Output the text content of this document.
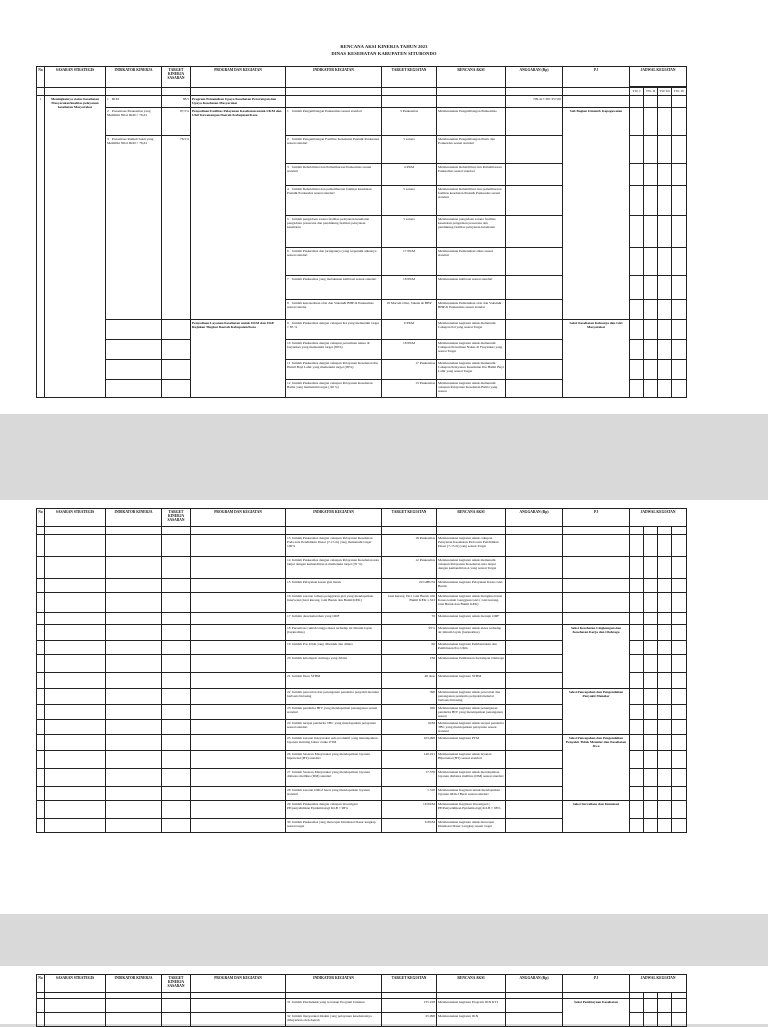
RENCANA AKSI KINERJA TAHUN 2023
DINAS KESEHATAN KABUPATEN SITUBONDO
No	SASARAN STRATEGIS	INDIKATOR KINERJA	TARGET KINERJA SASARAN	PROGRAM DAN KEGIATAN	INDIKATOR KEGIATAN	TARGET KEGIATAN	RENCANA AKSI	ANGGARAN (Rp)	PJ	JADWAL KEGIATAN			

										TW. I	TW. II	TW. III	TW. IV
1	Meningkatnya status Kesehatan Masyarakat/kualitas pelayanan kesehatan Masyarakat	1 IKM	88,5	Program Pemenuhan Upaya Kesehatan Perorangan dan Upaya Kesehatan Masyarakat				709.417.397.357,00					
		2 Presentase Puskesmas yang Memiliki Nilai IKM > 76,61	87,5%	Penyediaan Fasilitas Pelayanan Kesehatan untuk UKM dan UKP Kewenangan Daerah Kabupaten/Kota	1 Jumlah Pengembangan Puskesmas sesuai standart	3 Puskesmas	Melaksanakan Pengembangan Puskesmas		Sub Bagian Umum& Kepegawaian				
		3 Presentase Rumah Sakit yang Memiliki Nilai IKM > 76,61	78,5%		2 Jumlah Pengembangan Fasilitas Kesehatan Pustu& Ponkesdes sesuai standart	5 sarana	Melaksanakan Pengembangan Pustu dan Ponkesdes sesuai standart						
					3 Jumlah Rehabilitasi dan Pemeliharaan Puskesmas sesuai standart	4 PKM	Melaksanakan Rehabilitasi dan Pemeliharaan Puskesmas sesuai standart						
					4 Jumlah Rehabilitasi dan pemeliharaan fasilitas kesehatan Pustu& Ponkesdes sesuai standart	5 sarana	Melaksanakan Rehabilitasi dan pemeliharaan fasilitas kesehatan Pustu& Ponkesdes sesuai standart						
					5 Jumlah pengadaan sarana fasilitas pelayanan kesehatan pengadaan prasarana dan pendukung fasilitas pelayanan kesehatan	5 sarana	Melaksanakan pengadaan sarana fasilitas kesehatan pengadaan prasarana dan pendukung fasilitas pelayanan kesehatan						
					6 Jumlah Puskesmas dan jaringannya yang terpenuhi alkesnya sesuai standart	17 PKM	Melaksanakan Pemenuhan alkes sesuai standart						
					7 Jumlah Puskesmas yang melakukan kalibrasi sesuai standart	18 PKM	Melaksanakan kalibrasi sesuai standart						
					8 Jumlah ketersediaan obat dan Vaksin& BHP di Puskesmas sesuai standar	18 Macam Obat, Vaksin & BHP	Melaksanakan Pemenuhan obat dan Vaksin& BHP di Puskesmas sesuai standar						
				Penyediaan Layanan Kesehatan untuk UKM dan UKP Rujukan Tingkat Daerah Kabupaten/Kota	9 Jumlah Puskesmas dengan cakupan K4 yang memenuhi target > 85 %	9 PKM	Melaksanakan kegiatan untuk memenuhi Cakupan K4 yang sesuai Target		Seksi Kesehatan Keluarga dan Gizi Masyarakat				
					10 Jumlah Puskesmas dengan cakupan persalinan nakes di fasyankes yang memenuhi target (80%)	18 PKM	Melaksanakan kegiatan untuk memenuhi Cakupan Persalinan Nakes di Fasyankes yang sesuai Target						
					11 Jumlah Puskesmas dengan cakupan Pelayanan Kesehatan Ibu Hamil Bayi Lahir yang memenuhi target (90%)	17 Puskesmas	Melaksanakan kegiatan untuk memenuhi Cakupan Pelayanan Kesehatan Ibu Hamil Bayi Lahir yang sesuai Target						
					12 Jumlah Puskesmas dengan cakupan Pelayanan Kesehatan Balita yang memenuhi target ( 90 %)	13 Puskesmas	Melaksanakan kegiatan untuk memenuhi cakupan Pelayanan Kesehatan Balita yang sesuai						
No	SASARAN STRATEGIS	INDIKATOR KINERJA	TARGET KINERJA SASARAN	PROGRAM DAN KEGIATAN	INDIKATOR KEGIATAN	TARGET KEGIATAN	RENCANA AKSI	ANGGARAN (Rp)	PJ	JADWAL KEGIATAN			

					13 Jumlah Puskesmas dengan cakupan Pelayanan Kesehatan Pada usia Pendidikan Dasar (7-15 th) yang memenuhi target 100%	18 Puskesmas	Melaksanakan kegiatan untuk cakupan Pelayanan Kesehatan Pada usia Pendidikan Dasar (7-15 th) yang sesuai Target						
					14 Jumlah Puskesmas dengan cakupan Pelayanan Kesehatan usia lanjut dengan kemandirian A memenuhi target (70 %)	12 Puskesmas	Melaksanakan kegiatan untuk memenuhi cakupan Pelayanan Kesehatan usia lanjut dengan kemandirian A yang sesuai Target						
					15 Jumlah Pelayakan kasus gizi buruk	20 GIBUSI	Melaksanakan kegiatan Pelayakan Kasus Gizi Buruk						
					16 Jumlah sasaran remaja penggiatan gizi yang mendapatkan intervensi (Gizi kurang, Gizi Buruk dan Bumil KEK)	Gizi kurang 1911 Gizi Buruk 106 Bumil KEK 1.523	Melaksanakan kegiatan untuk mengintervensi Kasus terkait Gangguan Gizi ( Gizi kurang, Gizi Buruk dan Bumil KEK)						
					17 Jumlah desa/kelurahan yang ODF	70	Melaksanakan kegiatan untuk menuju ODF						
					18 Persentase rumah tangga akses terhadap air minum layak (berkualitas)	95%	Melaksanakan kegiatan untuk akses terhadap air minum layak (berkualitas)		Seksi Kesehatan Lingkungan dan Kesehatan Kerja dan Olahraga				
					19 Jumlah Pos UKK yang dibentuk dan dibina	60	Melaksanakan kegiatan Pembentukan dan Pembinaan Pos UKK						
					20 Jumlah kelompok olahraga yang dibina	238	Melaksanakan Pembinaan Kelompok Olahraga						
					21 Jumlah Desa STBM	48 desa	Melaksanakan kegiatan STBM						
					22 Jumlah pencarian dan penanganan penderita penyakit menular berbasis lintasing	390	Melaksanakan kegiatan untuk pencarian dan penanganan penderita penyakit menular berbasis lintasing		Seksi Pencegahan dan Pengendalian Penyakit Menular				
					23 Jumlah penderita HIV yang mendapatkan penanganan sesuai standart	260	Melaksanakan kegiatan untuk penanganan penderita HIV yang mendapatkan penanganan sesuai						
					24 Jumlah terapsi penderita TBC yang mendapatkan pelayanan sesuai standart	9238	Melaksanakan kegiatan untuk terapsi penderita TBC yang mendapatkan pelayanan sesuai standart						
					25 Jumlah sasaran masyarakat usia produktif yang mendapatkan layanan skrining faktor risiko PTM	103,098	Melaksanakan kegiatan PTM		Seksi Pencegahan dan Pengendalian Penyakit Tidak Menular dan Kesehatan Jiwa				
					26 Jumlah Sasaran Masyarakat yang mendapatkan layanan hipertensi (HT) standart	140.191	Melaksanakan kegiatan untuk layanan Hipertensi (HT) sesuai standart						
					27 Jumlah Sasaran Masyarakat yang mendapatkan layanan diabetes mellitus (DM) standart	17.578	Melaksanakan kegiatan untuk mendapatkan layanan diabetes mellitus (DM) sesuai standart						
					28 Jumlah sasaran ODGJ berat yang mendapatkan layanan standart	1.318	Melaksanakan Kegiatan untuk mendapatkan layanan ODGJ Berat sesuai standart						
					29 Jumlah Puskesmas dengan cakupan investigasi PE/penyelidikan Epidemiologi KLB > 98%	18 PKM	Melaksanakan Kegiatan Investigasi ( PE/Penyelidikan Epidemiologi) KLB > 98%		Seksi Surveilans dan Imunisasi				
					30 Jumlah Puskesmas yang mencapai Imunisasi Dasar lengkap sesuai target	6 PKM	Melaksanakan kegiatan untuk mencapai Imunisasi Dasar Lengkap sesuai target						
No	SASARAN STRATEGIS	INDIKATOR KINERJA	TARGET KINERJA SASARAN	PROGRAM DAN KEGIATAN	INDIKATOR KEGIATAN	TARGET KEGIATAN	RENCANA AKSI	ANGGARAN (Rp)	PJ	JADWAL KEGIATAN			

					31 Jumlah Pendudukk yang tercakup Program Jaminan	155.108	Melaksanakan kegiatan Program JKN KTI		Seksi Pembiayaan Kesehatan				
					32 Jumlah masyarakat miskin yang pelayanan kesehatannya dibayarkan oleh daerah	25.998	Melaksanakan kegiatan JKN						
